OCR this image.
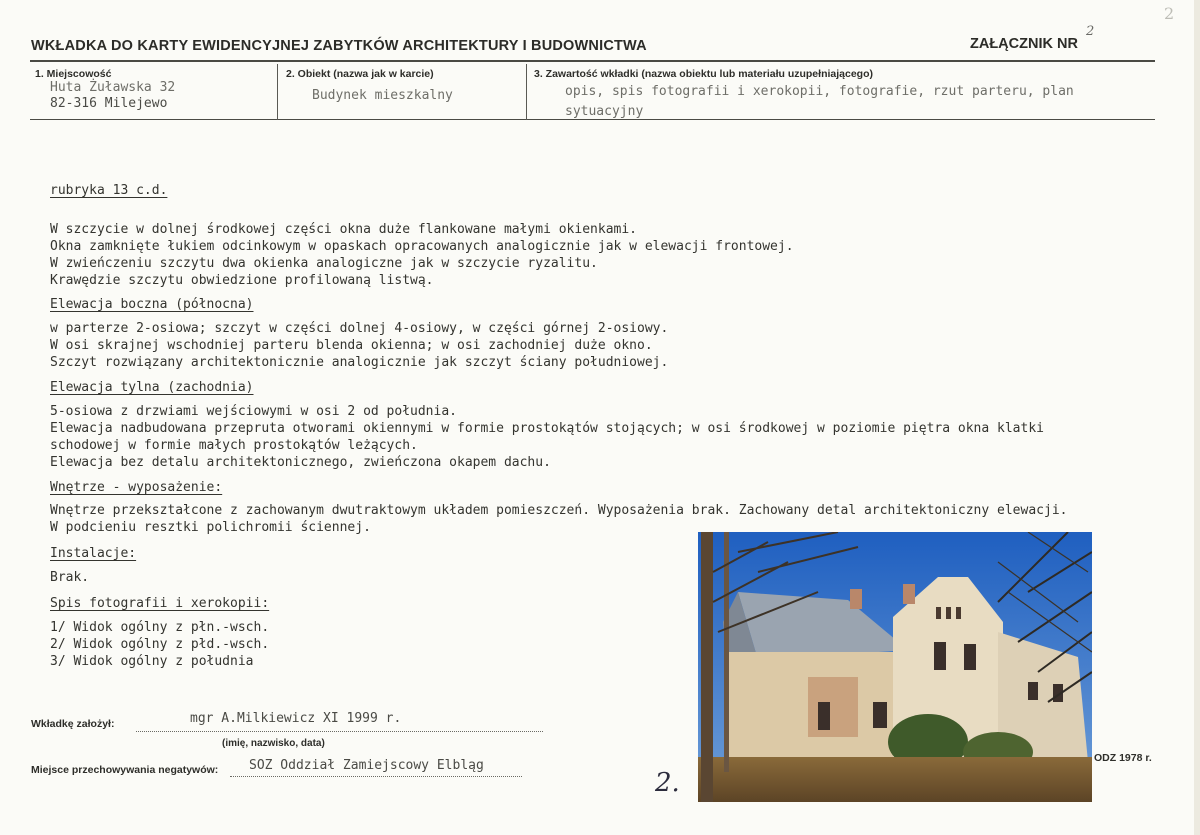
2
WKŁADKA DO KARTY EWIDENCYJNEJ ZABYTKÓW ARCHITEKTURY I BUDOWNICTWA	ZAŁĄCZNIK NR
2
1. Miejscowość
Huta Żuławska 32
82-316 Milejewo
2. Obiekt (nazwa jak w karcie)
Budynek mieszkalny
3. Zawartość wkładki (nazwa obiektu lub materiału uzupełniającego)
opis, spis fotografii i xerokopii, fotografie, rzut parteru, plan
sytuacyjny
rubryka 13 c.d.
W szczycie w dolnej środkowej części okna duże flankowane małymi okienkami.
Okna zamknięte łukiem odcinkowym w opaskach opracowanych analogicznie jak w elewacji frontowej.
W zwieńczeniu szczytu dwa okienka analogiczne jak w szczycie ryzalitu.
Krawędzie szczytu obwiedzione profilowaną listwą.
Elewacja boczna (północna)
w parterze 2-osiowa; szczyt w części dolnej 4-osiowy, w części górnej 2-osiowy.
W osi skrajnej wschodniej parteru blenda okienna; w osi zachodniej duże okno.
Szczyt rozwiązany architektonicznie analogicznie jak szczyt ściany południowej.
Elewacja tylna (zachodnia)
5-osiowa z drzwiami wejściowymi w osi 2 od południa.
Elewacja nadbudowana przepruta otworami okiennymi w formie prostokątów stojących; w osi środkowej w poziomie piętra okna klatki
schodowej w formie małych prostokątów leżących.
Elewacja bez detalu architektonicznego, zwieńczona okapem dachu.
Wnętrze - wyposażenie:
Wnętrze przekształcone z zachowanym dwutraktowym układem pomieszczeń. Wyposażenia brak. Zachowany detal architektoniczny elewacji.
W podcieniu resztki polichromii ściennej.
Instalacje:
Brak.
Spis fotografii i xerokopii:
1/ Widok ogólny z płn.-wsch.
2/ Widok ogólny z płd.-wsch.
3/ Widok ogólny z południa
Wkładkę założył:	mgr A.Milkiewicz XI 1999 r.
(imię, nazwisko, data)
Miejsce przechowywania negatywów: SOZ Oddział Zamiejscowy Elbląg
2.
ODZ 1978 r.
